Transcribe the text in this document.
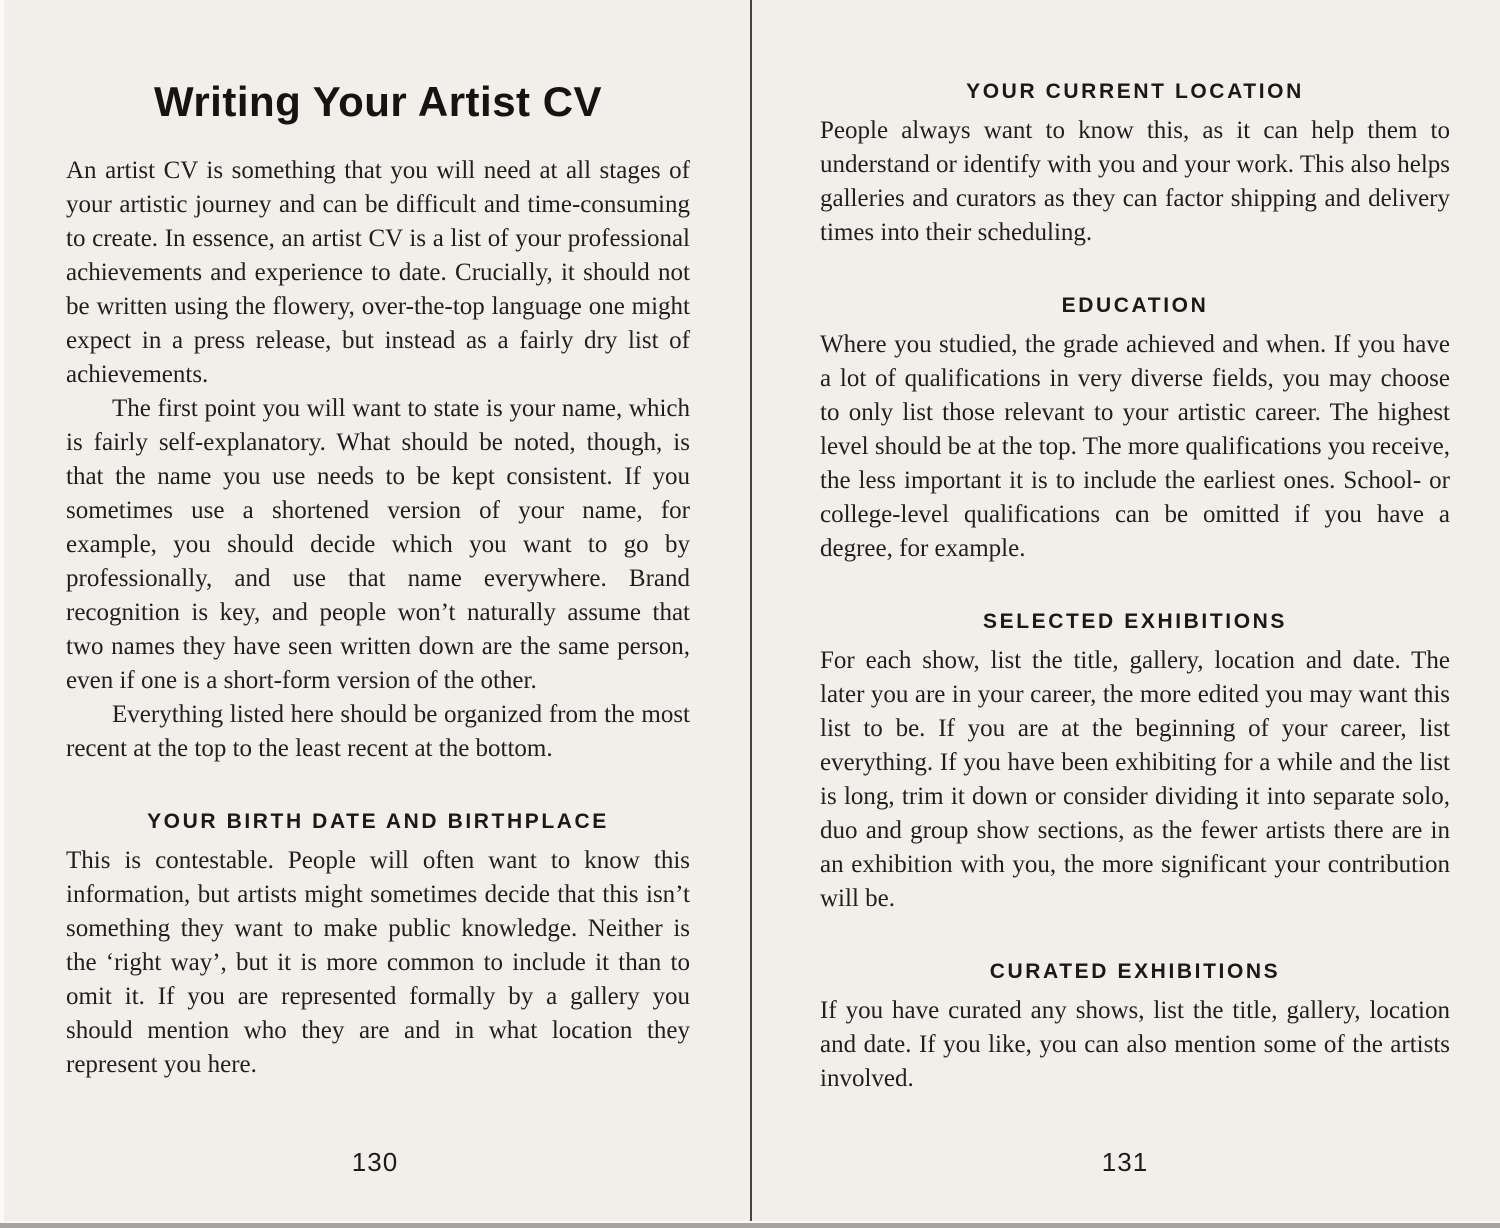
Writing Your Artist CV

An artist CV is something that you will need at all stages of your artistic journey and can be difficult and time-consuming to create. In essence, an artist CV is a list of your professional achievements and experience to date. Crucially, it should not be written using the flowery, over-the-top language one might expect in a press release, but instead as a fairly dry list of achievements.

The first point you will want to state is your name, which is fairly self-explanatory. What should be noted, though, is that the name you use needs to be kept consistent. If you sometimes use a shortened version of your name, for example, you should decide which you want to go by professionally, and use that name everywhere. Brand recognition is key, and people won’t naturally assume that two names they have seen written down are the same person, even if one is a short-form version of the other.

Everything listed here should be organized from the most recent at the top to the least recent at the bottom.

YOUR BIRTH DATE AND BIRTHPLACE

This is contestable. People will often want to know this information, but artists might sometimes decide that this isn’t something they want to make public knowledge. Neither is the ‘right way’, but it is more common to include it than to omit it. If you are represented formally by a gallery you should mention who they are and in what location they represent you here.

130
YOUR CURRENT LOCATION

People always want to know this, as it can help them to understand or identify with you and your work. This also helps galleries and curators as they can factor shipping and delivery times into their scheduling.

EDUCATION

Where you studied, the grade achieved and when. If you have a lot of qualifications in very diverse fields, you may choose to only list those relevant to your artistic career. The highest level should be at the top. The more qualifications you receive, the less important it is to include the earliest ones. School- or college-level qualifications can be omitted if you have a degree, for example.

SELECTED EXHIBITIONS

For each show, list the title, gallery, location and date. The later you are in your career, the more edited you may want this list to be. If you are at the beginning of your career, list everything. If you have been exhibiting for a while and the list is long, trim it down or consider dividing it into separate solo, duo and group show sections, as the fewer artists there are in an exhibition with you, the more significant your contribution will be.

CURATED EXHIBITIONS

If you have curated any shows, list the title, gallery, location and date. If you like, you can also mention some of the artists involved.

131
